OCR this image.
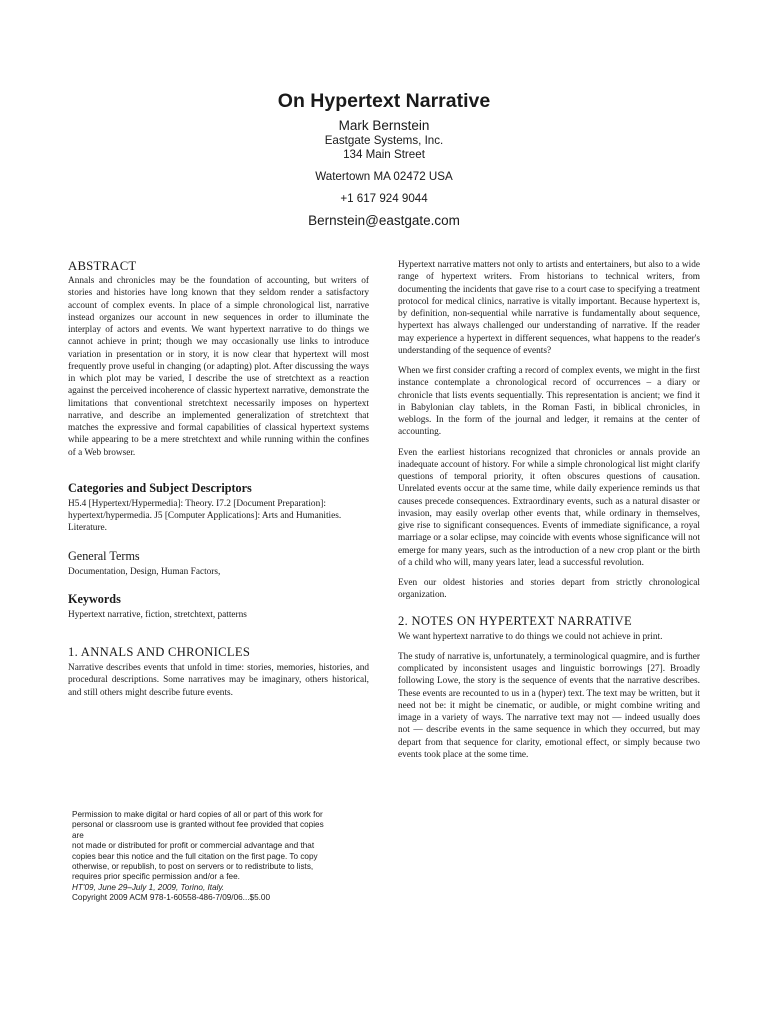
On Hypertext Narrative
Mark Bernstein
Eastgate Systems, Inc.
134 Main Street
Watertown MA 02472 USA
+1 617 924 9044
Bernstein@eastgate.com
ABSTRACT

Annals and chronicles may be the foundation of accounting, but writers of stories and histories have long known that they seldom render a satisfactory account of complex events. In place of a simple chronological list, narrative instead organizes our account in new sequences in order to illuminate the interplay of actors and events. We want hypertext narrative to do things we cannot achieve in print; though we may occasionally use links to introduce variation in presentation or in story, it is now clear that hypertext will most frequently prove useful in changing (or adapting) plot. After discussing the ways in which plot may be varied, I describe the use of stretchtext as a reaction against the perceived incoherence of classic hypertext narrative, demonstrate the limitations that conventional stretchtext necessarily imposes on hypertext narrative, and describe an implemented generalization of stretchtext that matches the expressive and formal capabilities of classical hypertext systems while appearing to be a mere stretchtext and while running within the confines of a Web browser.

Categories and Subject Descriptors

H5.4 [Hypertext/Hypermedia]: Theory. I7.2 [Document Preparation]: hypertext/hypermedia. J5 [Computer Applications]: Arts and Humanities. Literature.

General Terms

Documentation, Design, Human Factors,

Keywords

Hypertext narrative, fiction, stretchtext, patterns

1. ANNALS AND CHRONICLES

Narrative describes events that unfold in time: stories, memories, histories, and procedural descriptions. Some narratives may be imaginary, others historical, and still others might describe future events.

Permission to make digital or hard copies of all or part of this work for
personal or classroom use is granted without fee provided that copies
are
not made or distributed for profit or commercial advantage and that
copies bear this notice and the full citation on the first page. To copy
otherwise, or republish, to post on servers or to redistribute to lists,
requires prior specific permission and/or a fee.
HT'09, June 29–July 1, 2009, Torino, Italy.
Copyright 2009 ACM 978-1-60558-486-7/09/06...$5.00

Hypertext narrative matters not only to artists and entertainers, but also to a wide range of hypertext writers. From historians to technical writers, from documenting the incidents that gave rise to a court case to specifying a treatment protocol for medical clinics, narrative is vitally important. Because hypertext is, by definition, non-sequential while narrative is fundamentally about sequence, hypertext has always challenged our understanding of narrative. If the reader may experience a hypertext in different sequences, what happens to the reader's understanding of the sequence of events?

When we first consider crafting a record of complex events, we might in the first instance contemplate a chronological record of occurrences – a diary or chronicle that lists events sequentially. This representation is ancient; we find it in Babylonian clay tablets, in the Roman Fasti, in biblical chronicles, in weblogs. In the form of the journal and ledger, it remains at the center of accounting.

Even the earliest historians recognized that chronicles or annals provide an inadequate account of history. For while a simple chronological list might clarify questions of temporal priority, it often obscures questions of causation. Unrelated events occur at the same time, while daily experience reminds us that causes precede consequences. Extraordinary events, such as a natural disaster or invasion, may easily overlap other events that, while ordinary in themselves, give rise to significant consequences. Events of immediate significance, a royal marriage or a solar eclipse, may coincide with events whose significance will not emerge for many years, such as the introduction of a new crop plant or the birth of a child who will, many years later, lead a successful revolution.

Even our oldest histories and stories depart from strictly chronological organization.

2. NOTES ON HYPERTEXT NARRATIVE

We want hypertext narrative to do things we could not achieve in print.

The study of narrative is, unfortunately, a terminological quagmire, and is further complicated by inconsistent usages and linguistic borrowings [27]. Broadly following Lowe, the story is the sequence of events that the narrative describes. These events are recounted to us in a (hyper) text. The text may be written, but it need not be: it might be cinematic, or audible, or might combine writing and image in a variety of ways. The narrative text may not — indeed usually does not — describe events in the same sequence in which they occurred, but may depart from that sequence for clarity, emotional effect, or simply because two events took place at the some time.
